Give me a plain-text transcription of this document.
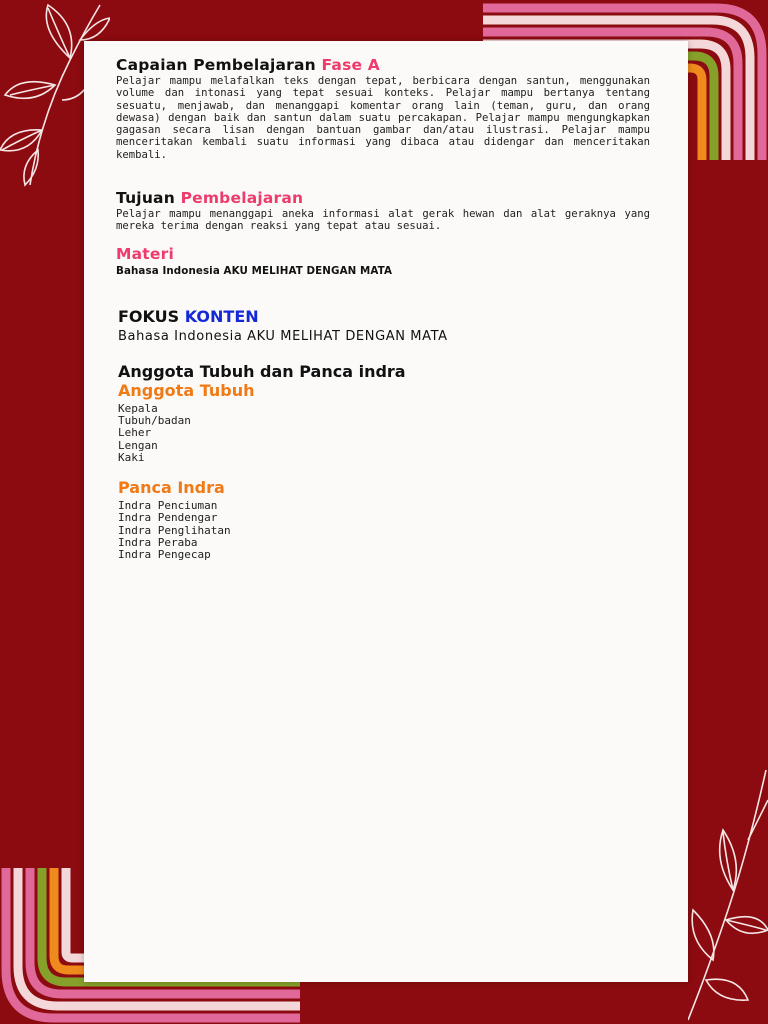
Capaian Pembelajaran Fase A

Pelajar mampu melafalkan teks dengan tepat, berbicara dengan santun, menggunakan volume dan intonasi yang tepat sesuai konteks. Pelajar mampu bertanya tentang sesuatu, menjawab, dan menanggapi komentar orang lain (teman, guru, dan orang dewasa) dengan baik dan santun dalam suatu percakapan. Pelajar mampu mengungkapkan gagasan secara lisan dengan bantuan gambar dan/atau ilustrasi. Pelajar mampu menceritakan kembali suatu informasi yang dibaca atau didengar dan menceritakan kembali.

Tujuan Pembelajaran

Pelajar mampu menanggapi aneka informasi alat gerak hewan dan alat geraknya yang mereka terima dengan reaksi yang tepat atau sesuai.

Materi
Bahasa Indonesia AKU MELIHAT DENGAN MATA
FOKUS KONTEN
Bahasa Indonesia AKU MELIHAT DENGAN MATA
Anggota Tubuh dan Panca indra
Anggota Tubuh
Kepala
Tubuh/badan
Leher
Lengan
Kaki
Panca Indra
Indra Penciuman
Indra Pendengar
Indra Penglihatan
Indra Peraba
Indra Pengecap
